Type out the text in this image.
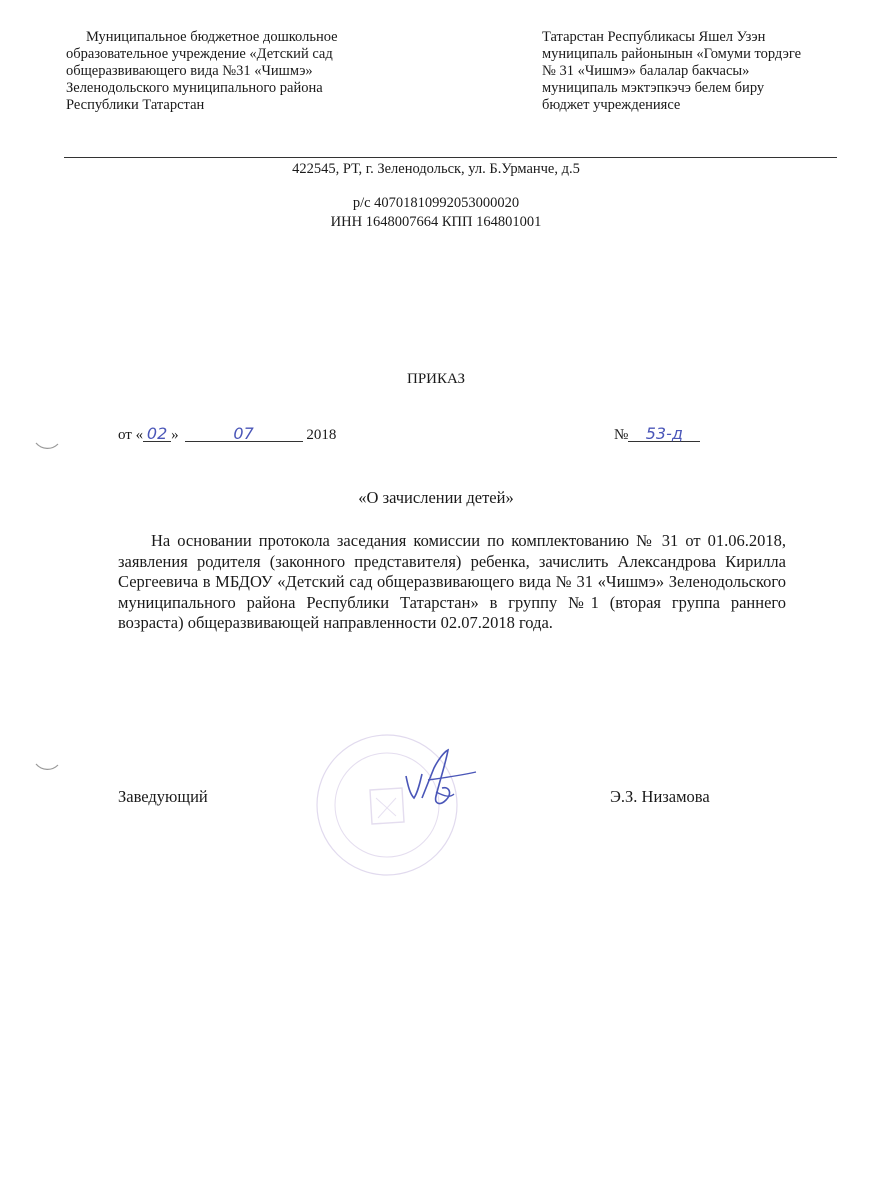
Муниципальное бюджетное дошкольное
образовательное учреждение «Детский сад
общеразвивающего вида №31 «Чишмэ»
Зеленодольского муниципального района
Республики Татарстан
Татарстан Республикасы Яшел Узэн
муниципаль районынын «Гомуми тордэге
№ 31 «Чишмэ» балалар бакчасы»
муниципаль мэктэпкэчэ белем биру
бюджет учреждениясе
422545, РТ, г. Зеленодольск, ул. Б.Урманче, д.5
р/с 40701810992053000020
ИНН 1648007664 КПП 164801001
ПРИКАЗ
от « 02 »	07	2018	№ 53-д
«О зачислении детей»
На основании протокола заседания комиссии по комплектованию № 31 от 01.06.2018, заявления родителя (законного представителя) ребенка, зачислить Александрова Кирилла Сергеевича в МБДОУ «Детский сад общеразвивающего вида № 31 «Чишмэ» Зеленодольского муниципального района Республики Татарстан» в группу №1 (вторая группа раннего возраста) общеразвивающей направленности 02.07.2018 года.
Заведующий	Э.З. Низамова
